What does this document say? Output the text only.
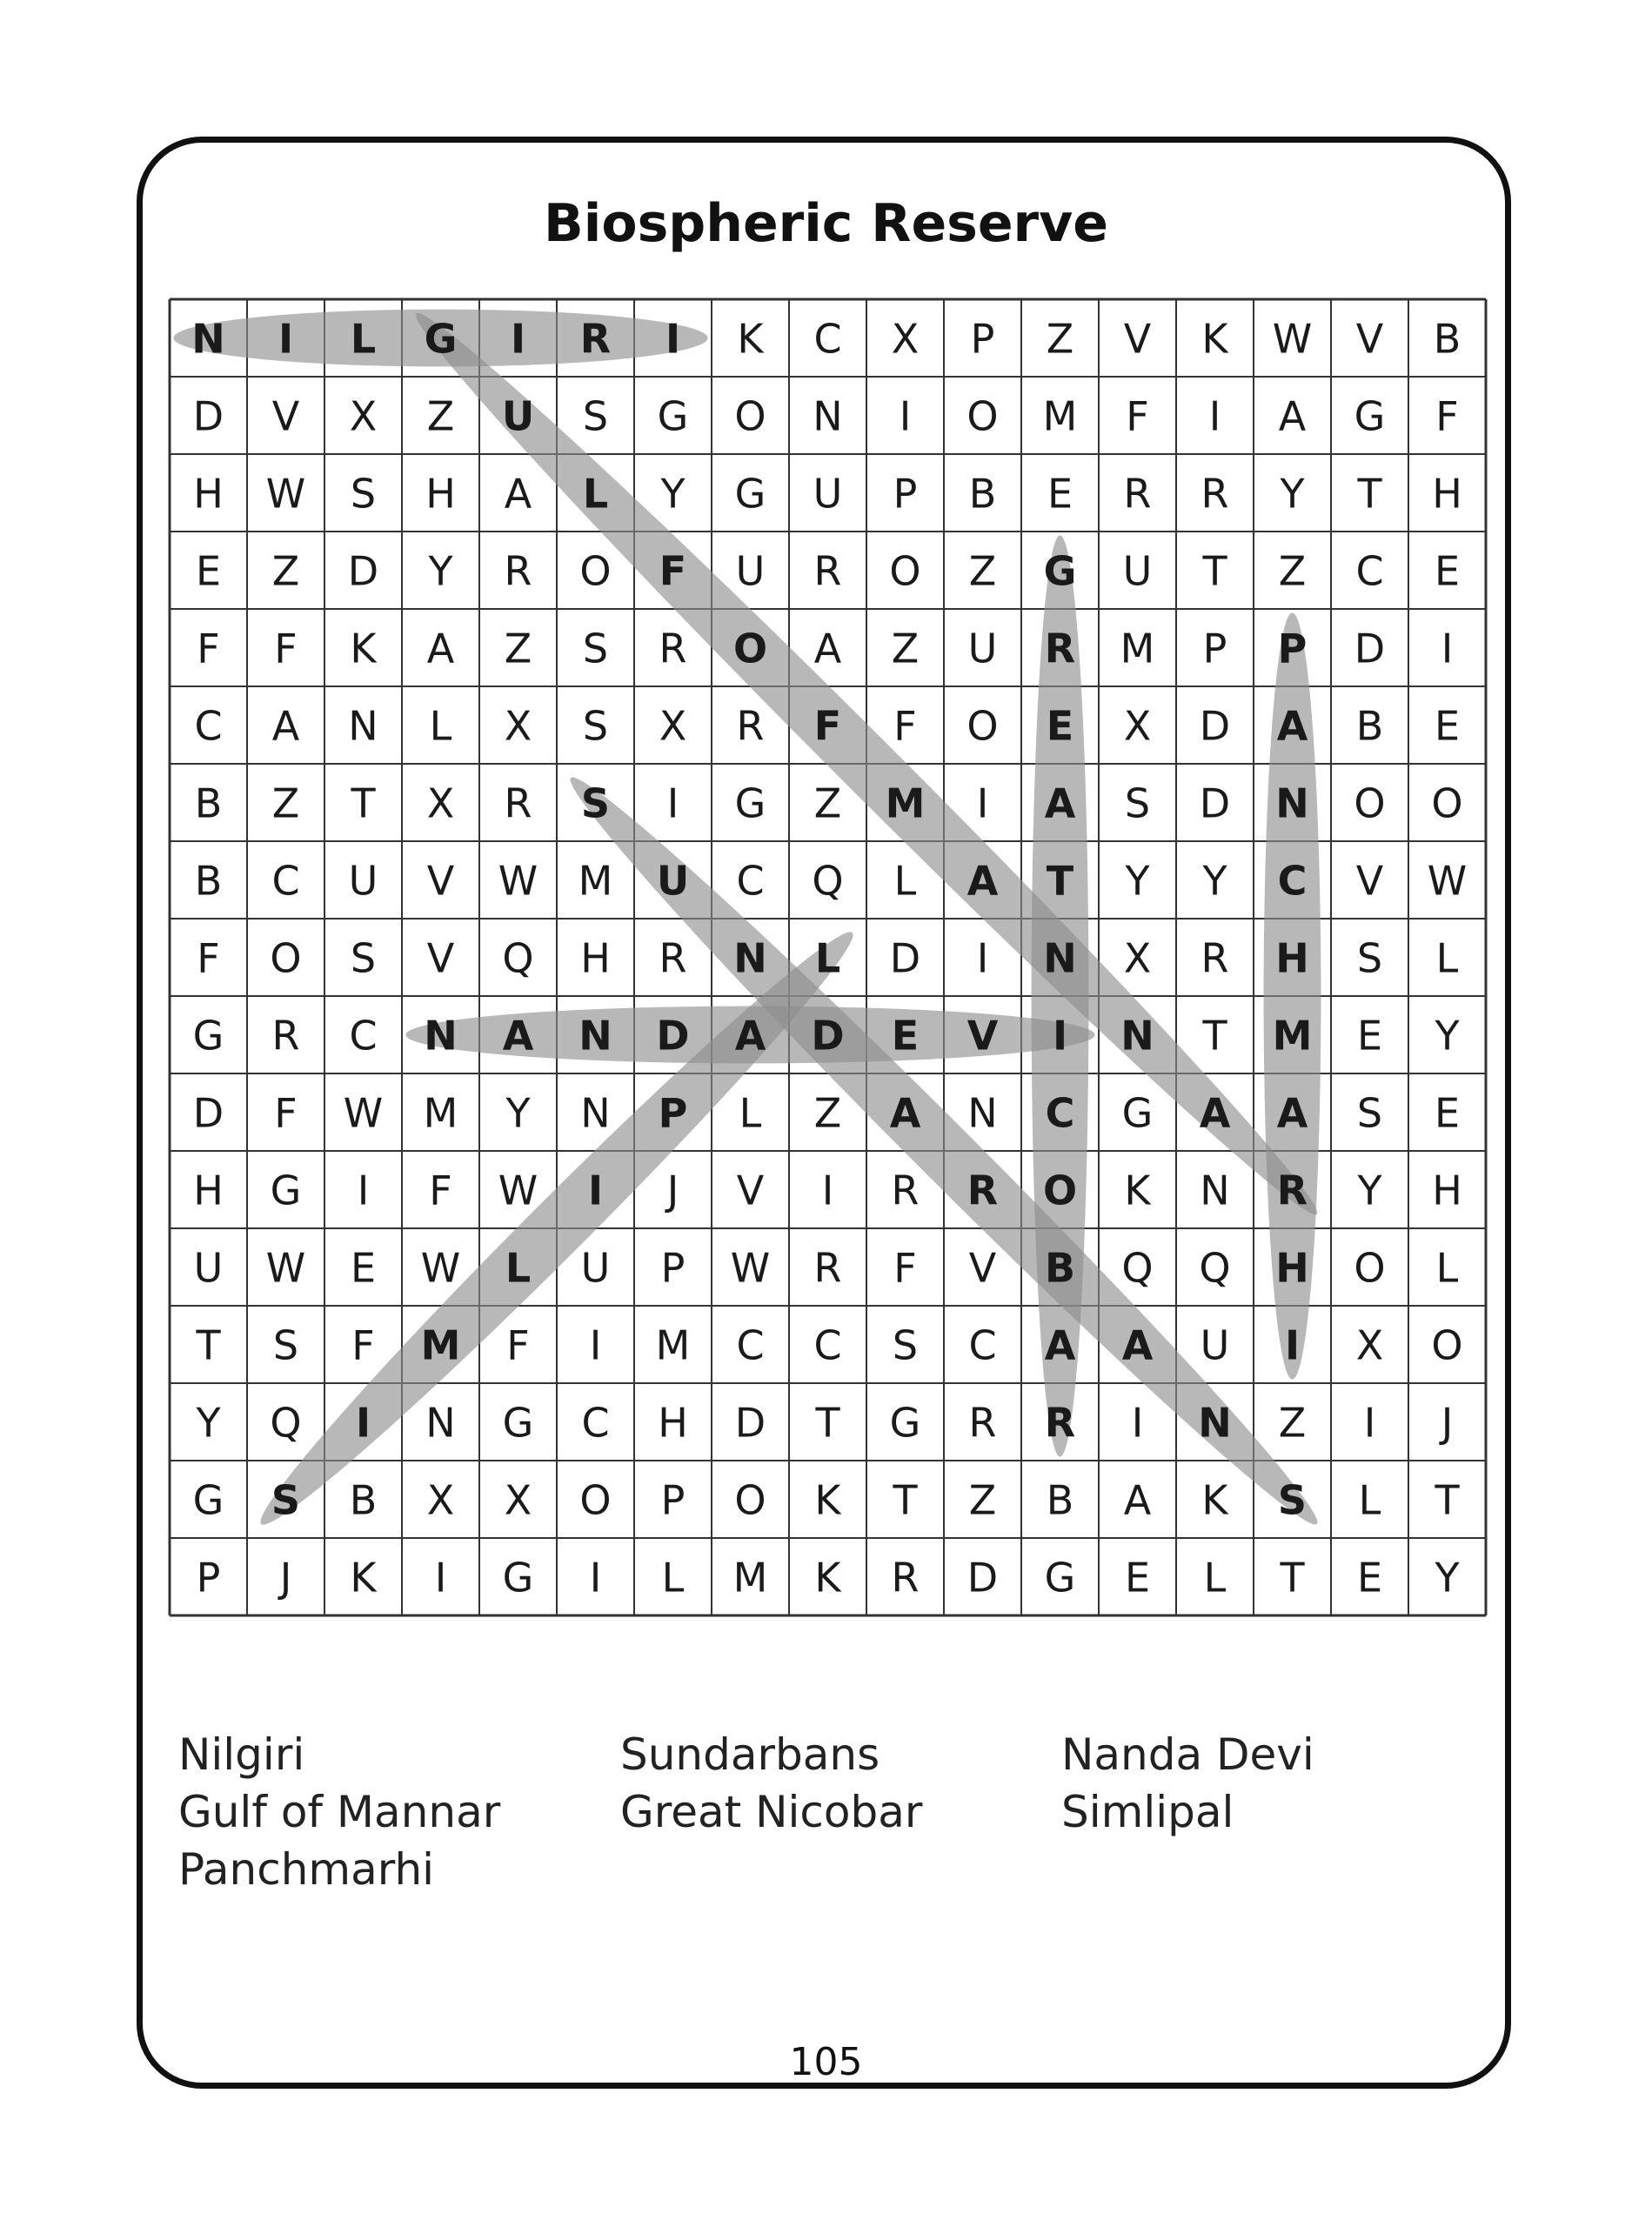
Biospheric Reserve
N I L G I R I K C X P Z V K W V B
D V X Z U S G O N I O M F I A G F
H W S H A L Y G U P B E R R Y T H
E Z D Y R O F U R O Z G U T Z C E
F F K A Z S R O A Z U R M P P D I
C A N L X S X R F F O E X D A B E
B Z T X R S I G Z M I A S D N O O
B C U V W M U C Q L A T Y Y C V W
F O S V Q H R N L D I N X R H S L
G R C N A N D A D E V I N T M E Y
D F W M Y N P L Z A N C G A A S E
H G I F W I J V I R R O K N R Y H
U W E W L U P W R F V B Q Q H O L
T S F M F I M C C S C A A U I X O
Y Q I N G C H D T G R R I N Z I J
G S B X X O P O K T Z B A K S L T
P J K I G I L M K R D G E L T E Y
Nilgiri	Sundarbans	Nanda Devi
Gulf of Mannar	Great Nicobar	Simlipal
Panchmarhi
105
